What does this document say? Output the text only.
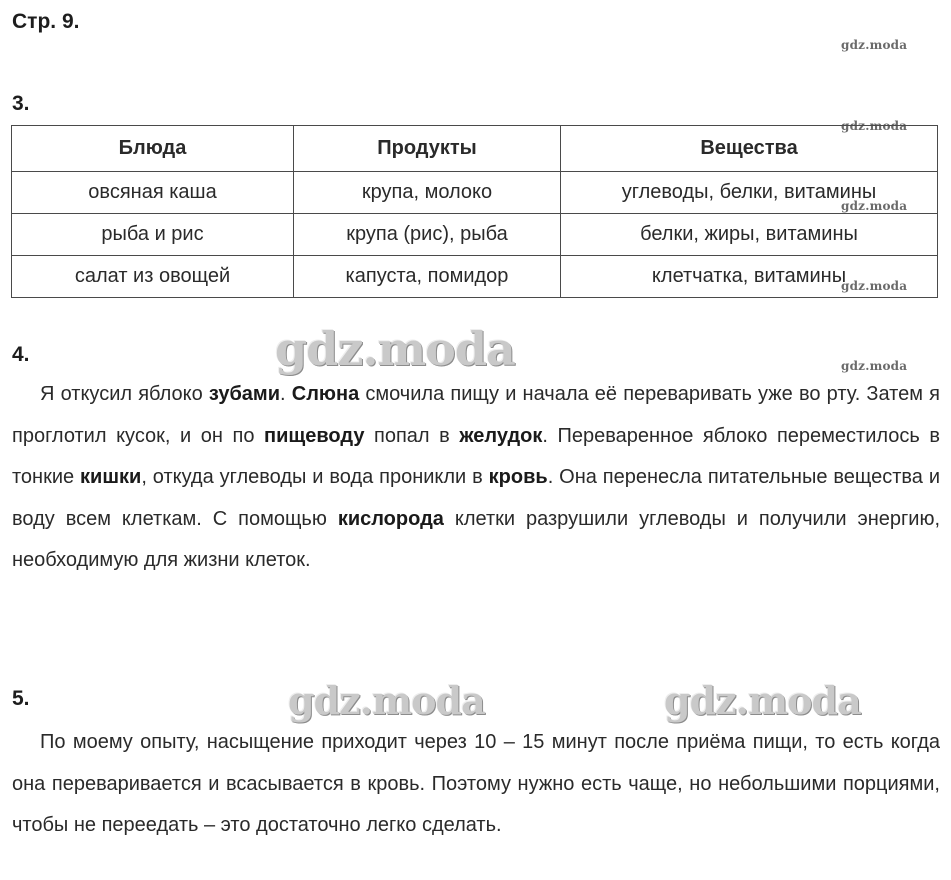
Стр. 9.
gdz.moda
gdz.moda
gdz.moda
gdz.moda
gdz.moda
3.
Блюда	Продукты	Вещества
овсяная каша	крупа, молоко	углеводы, белки, витамины
рыба и рис	крупа (рис), рыба	белки, жиры, витамины
салат из овощей	капуста, помидор	клетчатка, витамины
gdz.moda
4.
Я откусил яблоко зубами. Слюна смочила пищу и начала её переваривать уже во рту. Затем я проглотил кусок, и он по пищеводу попал в желудок. Переваренное яблоко переместилось в тонкие кишки, откуда углеводы и вода проникли в кровь. Она перенесла питательные вещества и воду всем клеткам. С помощью кислорода клетки разрушили углеводы и получили энергию, необходимую для жизни клеток.
5.	gdz.moda	gdz.moda
По моему опыту, насыщение приходит через 10 – 15 минут после приёма пищи, то есть когда она переваривается и всасывается в кровь. Поэтому нужно есть чаще, но небольшими порциями, чтобы не переедать – это достаточно легко сделать.
